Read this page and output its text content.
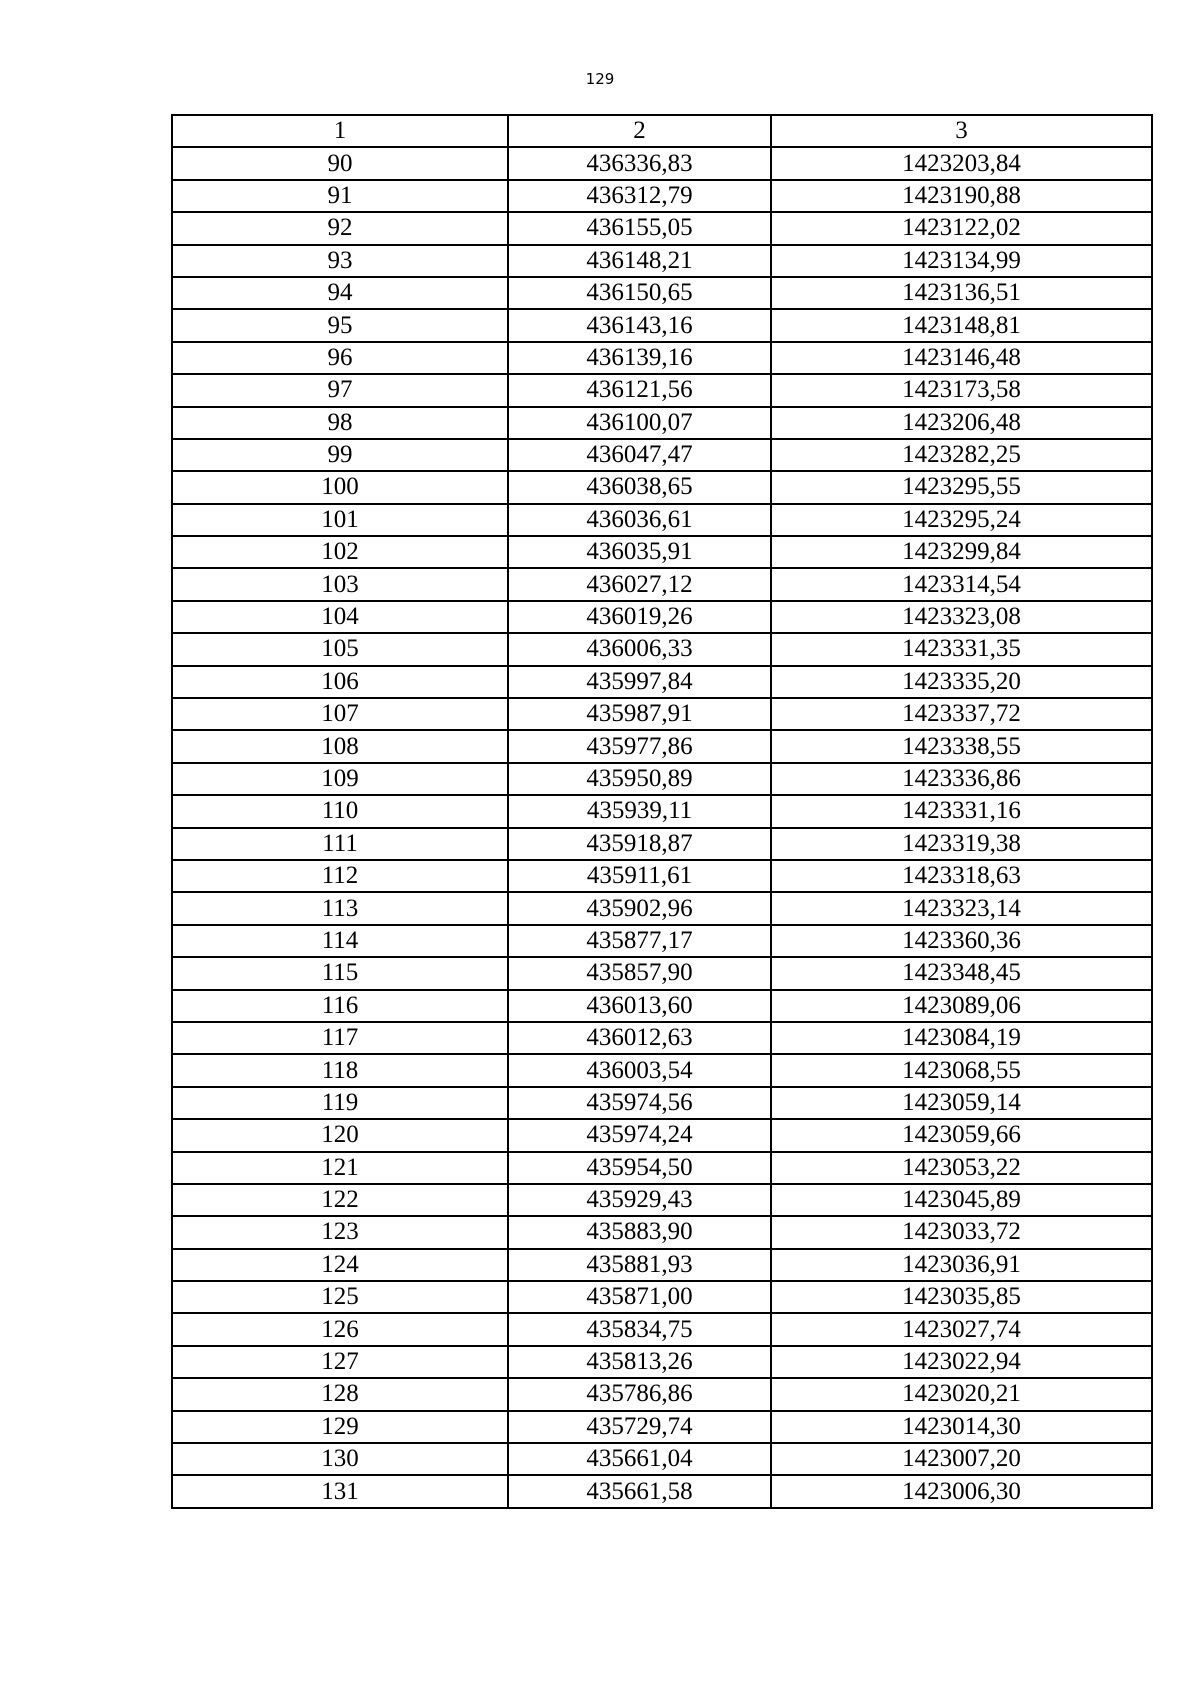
129
1	2	3
90	436336,83	1423203,84
91	436312,79	1423190,88
92	436155,05	1423122,02
93	436148,21	1423134,99
94	436150,65	1423136,51
95	436143,16	1423148,81
96	436139,16	1423146,48
97	436121,56	1423173,58
98	436100,07	1423206,48
99	436047,47	1423282,25
100	436038,65	1423295,55
101	436036,61	1423295,24
102	436035,91	1423299,84
103	436027,12	1423314,54
104	436019,26	1423323,08
105	436006,33	1423331,35
106	435997,84	1423335,20
107	435987,91	1423337,72
108	435977,86	1423338,55
109	435950,89	1423336,86
110	435939,11	1423331,16
111	435918,87	1423319,38
112	435911,61	1423318,63
113	435902,96	1423323,14
114	435877,17	1423360,36
115	435857,90	1423348,45
116	436013,60	1423089,06
117	436012,63	1423084,19
118	436003,54	1423068,55
119	435974,56	1423059,14
120	435974,24	1423059,66
121	435954,50	1423053,22
122	435929,43	1423045,89
123	435883,90	1423033,72
124	435881,93	1423036,91
125	435871,00	1423035,85
126	435834,75	1423027,74
127	435813,26	1423022,94
128	435786,86	1423020,21
129	435729,74	1423014,30
130	435661,04	1423007,20
131	435661,58	1423006,30
